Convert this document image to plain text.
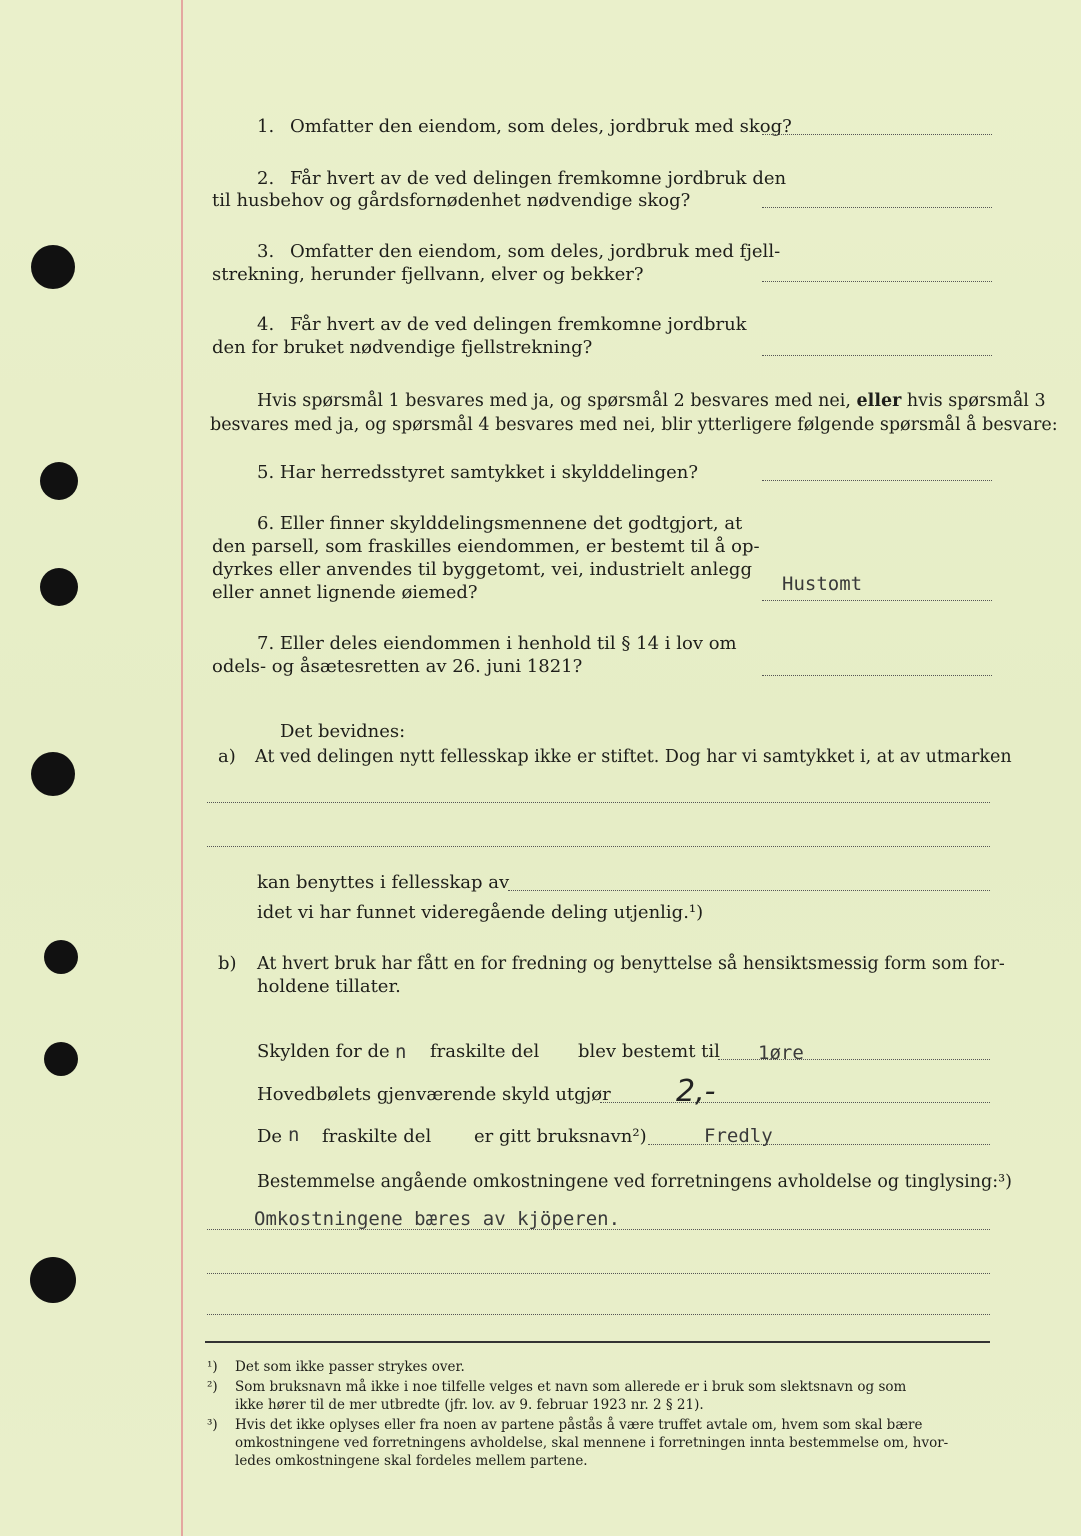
1. Omfatter den eiendom, som deles, jordbruk med skog?
2. Får hvert av de ved delingen fremkomne jordbruk den
til husbehov og gårdsfornødenhet nødvendige skog?
3. Omfatter den eiendom, som deles, jordbruk med fjell-
strekning, herunder fjellvann, elver og bekker?
4. Får hvert av de ved delingen fremkomne jordbruk
den for bruket nødvendige fjellstrekning?
Hvis spørsmål 1 besvares med ja, og spørsmål 2 besvares med nei, eller hvis spørsmål 3
besvares med ja, og spørsmål 4 besvares med nei, blir ytterligere følgende spørsmål å besvare:
5. Har herredsstyret samtykket i skylddelingen?
6. Eller finner skylddelingsmennene det godtgjort, at
den parsell, som fraskilles eiendommen, er bestemt til å op-
dyrkes eller anvendes til byggetomt, vei, industrielt anlegg
eller annet lignende øiemed?	Hustomt
7. Eller deles eiendommen i henhold til § 14 i lov om
odels- og åsætesretten av 26. juni 1821?
Det bevidnes:
a) At ved delingen nytt fellesskap ikke er stiftet. Dog har vi samtykket i, at av utmarken
kan benyttes i fellesskap av
idet vi har funnet videregående deling utjenlig.¹)
b) At hvert bruk har fått en for fredning og benyttelse så hensiktsmessig form som for-
holdene tillater.
Skylden for de n fraskilte del blev bestemt til 1øre
Hovedbølets gjenværende skyld utgjør 2,-
De n fraskilte del er gitt bruksnavn²)	Fredly
Bestemmelse angående omkostningene ved forretningens avholdelse og tinglysing:³)
Omkostningene bæres av kjöperen.
¹) Det som ikke passer strykes over.
²) Som bruksnavn må ikke i noe tilfelle velges et navn som allerede er i bruk som slektsnavn og som
ikke hører til de mer utbredte (jfr. lov. av 9. februar 1923 nr. 2 § 21).
³) Hvis det ikke oplyses eller fra noen av partene påstås å være truffet avtale om, hvem som skal bære
omkostningene ved forretningens avholdelse, skal mennene i forretningen innta bestemmelse om, hvor-
ledes omkostningene skal fordeles mellem partene.
